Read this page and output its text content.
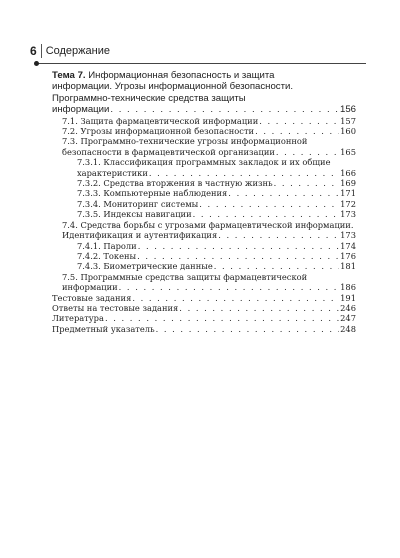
6 Содержание
Тема 7. Информационная безопасность и защита
информации. Угрозы информационной безопасности.
Программно-технические средства защиты
информации . . .	156
7.1. Защита фармацевтической информации . . .	157
7.2. Угрозы информационной безопасности . . .	160
7.3. Программно-технические угрозы информационной
безопасности в фармацевтической организации . . .	165
7.3.1. Классификация программных закладок и их общие
характеристики . . .	166
7.3.2. Средства вторжения в частную жизнь . . .	169
7.3.3. Компьютерные наблюдения . . .	171
7.3.4. Мониторинг системы . . .	172
7.3.5. Индексы навигации . . .	173
7.4. Средства борьбы с угрозами фармацевтической информации.
Идентификация и аутентификация . . .	173
7.4.1. Пароли . . .	174
7.4.2. Токены . . .	176
7.4.3. Биометрические данные . . .	181
7.5. Программные средства защиты фармацевтической
информации . . .	186
Тестовые задания . . .	191
Ответы на тестовые задания . . .	246
Литература . . .	247
Предметный указатель . . .	248
